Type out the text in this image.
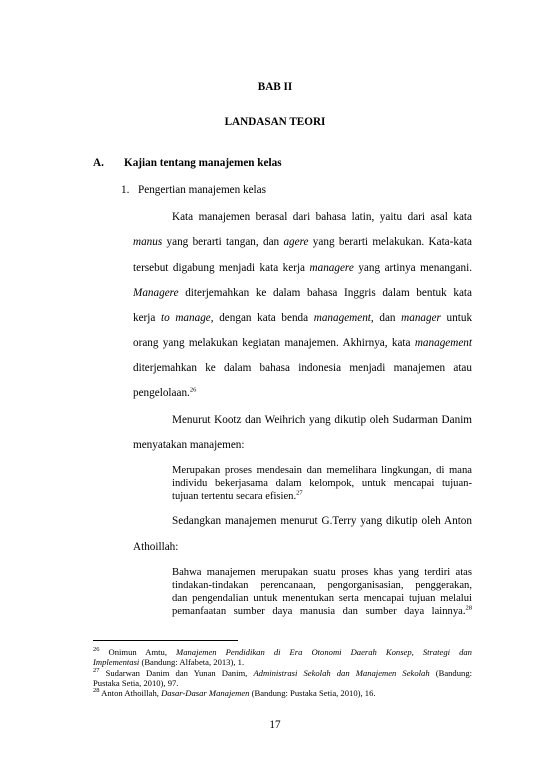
BAB II
LANDASAN TEORI
A. Kajian tentang manajemen kelas
1. Pengertian manajemen kelas
Kata manajemen berasal dari bahasa latin, yaitu dari asal kata
manus yang berarti tangan, dan agere yang berarti melakukan. Kata-kata
tersebut digabung menjadi kata kerja managere yang artinya menangani.
Managere diterjemahkan ke dalam bahasa Inggris dalam bentuk kata
kerja to manage, dengan kata benda management, dan manager untuk
orang yang melakukan kegiatan manajemen. Akhirnya, kata management
diterjemahkan ke dalam bahasa indonesia menjadi manajemen atau
pengelolaan.$^{26}$
Menurut Kootz dan Weihrich yang dikutip oleh Sudarman Danim
menyatakan manajemen:
Merupakan proses mendesain dan memelihara lingkungan, di mana
individu bekerjasama dalam kelompok, untuk mencapai tujuan-
tujuan tertentu secara efisien.$^{27}$
Sedangkan manajemen menurut G.Terry yang dikutip oleh Anton
Athoillah:
Bahwa manajemen merupakan suatu proses khas yang terdiri atas
tindakan-tindakan perencanaan, pengorganisasian, penggerakan,
dan pengendalian untuk menentukan serta mencapai tujuan melalui
pemanfaatan sumber daya manusia dan sumber daya lainnya.$^{28}$
$^{26}$ Onimun Amtu, Manajemen Pendidikan di Era Otonomi Daerah Konsep, Strategi dan
Implementasi (Bandung: Alfabeta, 2013), 1.
$^{27}$ Sudarwan Danim dan Yunan Danim, Administrasi Sekolah dan Manajemen Sekolah (Bandung:
Pustaka Setia, 2010), 97.
$^{28}$ Anton Athoillah, Dasar-Dasar Manajemen (Bandung: Pustaka Setia, 2010), 16.
17
